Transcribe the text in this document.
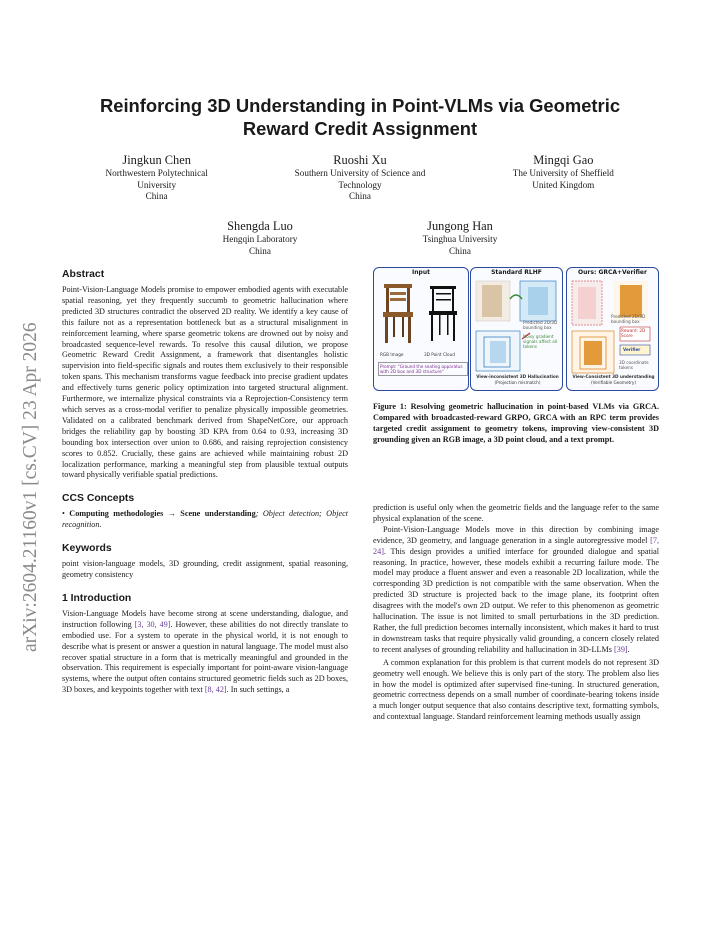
arXiv:2604.21160v1 [cs.CV] 23 Apr 2026
Reinforcing 3D Understanding in Point-VLMs via Geometric
Reward Credit Assignment
Jingkun Chen
Northwestern Polytechnical
University
China
Ruoshi Xu
Southern University of Science and
Technology
China
Mingqi Gao
The University of Sheffield
United Kingdom
Shengda Luo
Hengqin Laboratory
China
Jungong Han
Tsinghua University
China
Abstract

Point-Vision-Language Models promise to empower embodied agents with executable spatial reasoning, yet they frequently succumb to geometric hallucination where predicted 3D structures contradict the observed 2D reality. We identify a key cause of this failure not as a representation bottleneck but as a structural misalignment in reinforcement learning, where sparse geometric tokens are drowned out by noisy and broadcasted sequence-level rewards. To resolve this causal dilution, we propose Geometric Reward Credit Assignment, a framework that disentangles holistic supervision into field-specific signals and routes them exclusively to their responsible token spans. This mechanism transforms vague feedback into precise gradient updates and effectively turns generic policy optimization into targeted structural alignment. Furthermore, we internalize physical constraints via a Reprojection-Consistency term which serves as a cross-modal verifier to penalize physically impossible geometries. Validated on a calibrated benchmark derived from ShapeNetCore, our approach bridges the reliability gap by boosting 3D KPA from 0.64 to 0.93, increasing 3D bounding box intersection over union to 0.686, and raising reprojection consistency scores to 0.852. Crucially, these gains are achieved while maintaining robust 2D localization performance, marking a meaningful step from plausible textual outputs toward physically verifiable spatial predictions.

CCS Concepts

• Computing methodologies → Scene understanding; Object detection; Object recognition.

Keywords

point vision-language models, 3D grounding, credit assignment, spatial reasoning, geometry consistency

1 Introduction

Vision-Language Models have become strong at scene understanding, dialogue, and instruction following [3, 30, 49]. However, these abilities do not directly translate to embodied use. For a system to operate in the physical world, it is not enough to describe what is present or answer a question in natural language. The model must also recover spatial structure in a form that is metrically meaningful and grounded in the observation. This requirement is especially important for point-aware vision-language systems, where the output often contains structured geometric fields such as 2D boxes, 3D boxes, and keypoints together with text [8, 42]. In such settings, a

Input
RGB Image	3D Point Cloud
Prompt: "Ground the seating apparatus with 2D box and 3D structure"
Standard RLHF
Predicted 2D/3D bounding box
Noisy gradient signals affect all tokens
View-inconsistent 3D Hallucination
(Projection mismatch)
Ours: GRCA+Verifier
Predicted 2D/3D bounding box
Reward: 2D Score
Verifier
3D coordinate tokens
View-Consistent 3D understanding
(Verifiable Geometry)
Figure 1: Resolving geometric hallucination in point-based VLMs via GRCA. Compared with broadcasted-reward GRPO, GRCA with an RPC term provides targeted credit assignment to geometry tokens, improving view-consistent 3D grounding given an RGB image, a 3D point cloud, and a text prompt.

prediction is useful only when the geometric fields and the language refer to the same physical explanation of the scene.

Point-Vision-Language Models move in this direction by combining image evidence, 3D geometry, and language generation in a single autoregressive model [7, 24]. This design provides a unified interface for grounded dialogue and spatial reasoning. In practice, however, these models exhibit a recurring failure mode. The model may produce a fluent answer and even a reasonable 2D localization, while the corresponding 3D prediction is not compatible with the same observation. When the predicted 3D structure is projected back to the image plane, its footprint often disagrees with the model's own 2D output. We refer to this phenomenon as geometric hallucination. The issue is not limited to small perturbations in the 3D prediction. Rather, the full prediction becomes internally inconsistent, which makes it hard to trust in downstream tasks that require physically valid grounding, a concern closely related to recent analyses of grounding reliability and hallucination in 3D-LLMs [39].

A common explanation for this problem is that current models do not represent 3D geometry well enough. We believe this is only part of the story. The problem also lies in how the model is optimized after supervised fine-tuning. In structured generation, geometric correctness depends on a small number of coordinate-bearing tokens inside a much longer output sequence that also contains descriptive text, formatting symbols, and contextual language. Standard reinforcement learning methods usually assign
